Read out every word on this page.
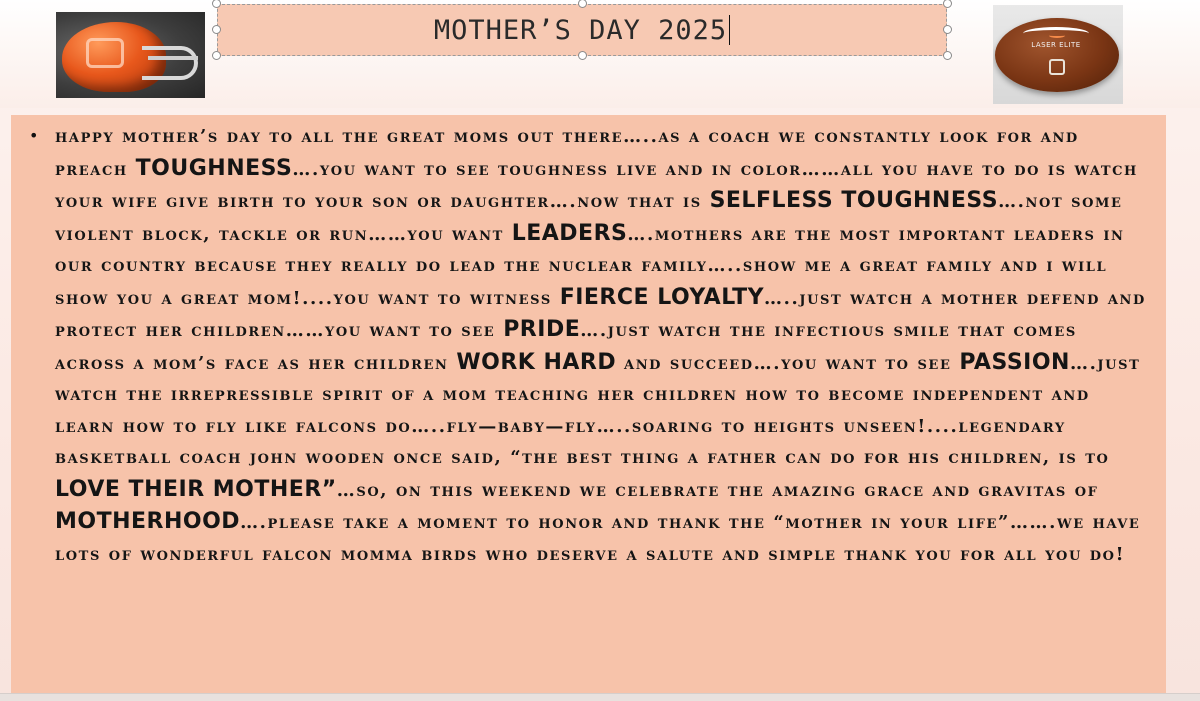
MOTHER’S DAY 2025	LASER ELITE
• happy mother’s day to all the great moms out there…..as a coach we constantly look for and preach TOUGHNESS….you want to see toughness live and in color……all you have to do is watch your wife give birth to your son or daughter….now that is SELFLESS TOUGHNESS….not some violent block, tackle or run……you want LEADERS….mothers are the most important leaders in our country because they really do lead the nuclear family…..show me a great family and i will show you a great mom!....you want to witness FIERCE LOYALTY…..just watch a mother defend and protect her children……you want to see PRIDE….just watch the infectious smile that comes across a mom’s face as her children WORK HARD and succeed….you want to see PASSION….just watch the irrepressible spirit of a mom teaching her children how to become independent and learn how to fly like falcons do…..fly—baby—fly…..soaring to heights unseen!....legendary basketball coach john wooden once said, “the best thing a father can do for his children, is to LOVE THEIR MOTHER”…so, on this weekend we celebrate the amazing grace and gravitas of MOTHERHOOD….please take a moment to honor and thank the “mother in your life”…….we have lots of wonderful falcon momma birds who deserve a salute and simple thank you for all you do!
